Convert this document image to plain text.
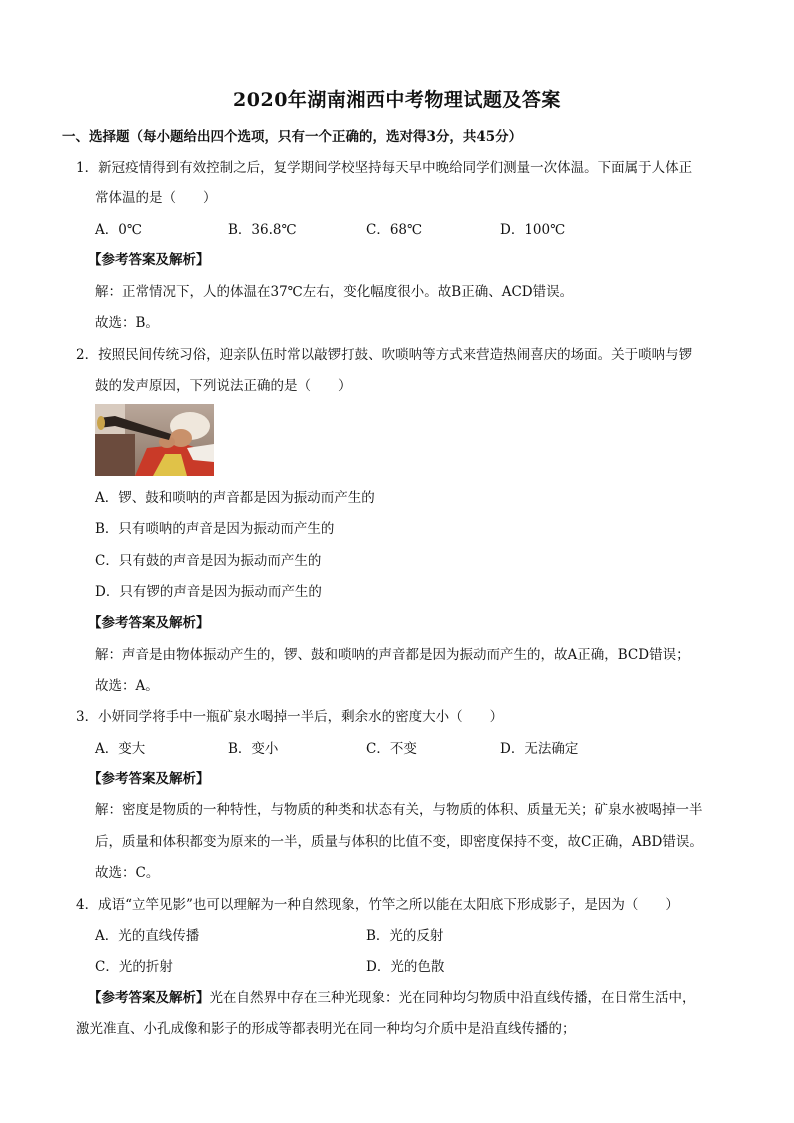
2020年湖南湘西中考物理试题及答案
一、选择题（每小题给出四个选项，只有一个正确的，选对得3分，共45分）
1．新冠疫情得到有效控制之后，复学期间学校坚持每天早中晚给同学们测量一次体温。下面属于人体正
常体温的是（　　）
A．0℃	B．36.8℃	C．68℃	D．100℃
【参考答案及解析】
解：正常情况下，人的体温在37℃左右，变化幅度很小。故B正确、ACD错误。
故选：B。
2．按照民间传统习俗，迎亲队伍时常以敲锣打鼓、吹唢呐等方式来营造热闹喜庆的场面。关于唢呐与锣
鼓的发声原因，下列说法正确的是（　　）
A．锣、鼓和唢呐的声音都是因为振动而产生的
B．只有唢呐的声音是因为振动而产生的
C．只有鼓的声音是因为振动而产生的
D．只有锣的声音是因为振动而产生的
【参考答案及解析】
解：声音是由物体振动产生的，锣、鼓和唢呐的声音都是因为振动而产生的，故A正确，BCD错误；
故选：A。
3．小妍同学将手中一瓶矿泉水喝掉一半后，剩余水的密度大小（　　）
A．变大	B．变小	C．不变	D．无法确定
【参考答案及解析】
解：密度是物质的一种特性，与物质的种类和状态有关，与物质的体积、质量无关；矿泉水被喝掉一半
后，质量和体积都变为原来的一半，质量与体积的比值不变，即密度保持不变，故C正确，ABD错误。
故选：C。
4．成语“立竿见影”也可以理解为一种自然现象，竹竿之所以能在太阳底下形成影子，是因为（　　）
A．光的直线传播	B．光的反射
C．光的折射	D．光的色散
【参考答案及解析】光在自然界中存在三种光现象：光在同种均匀物质中沿直线传播，在日常生活中，
激光准直、小孔成像和影子的形成等都表明光在同一种均匀介质中是沿直线传播的；
